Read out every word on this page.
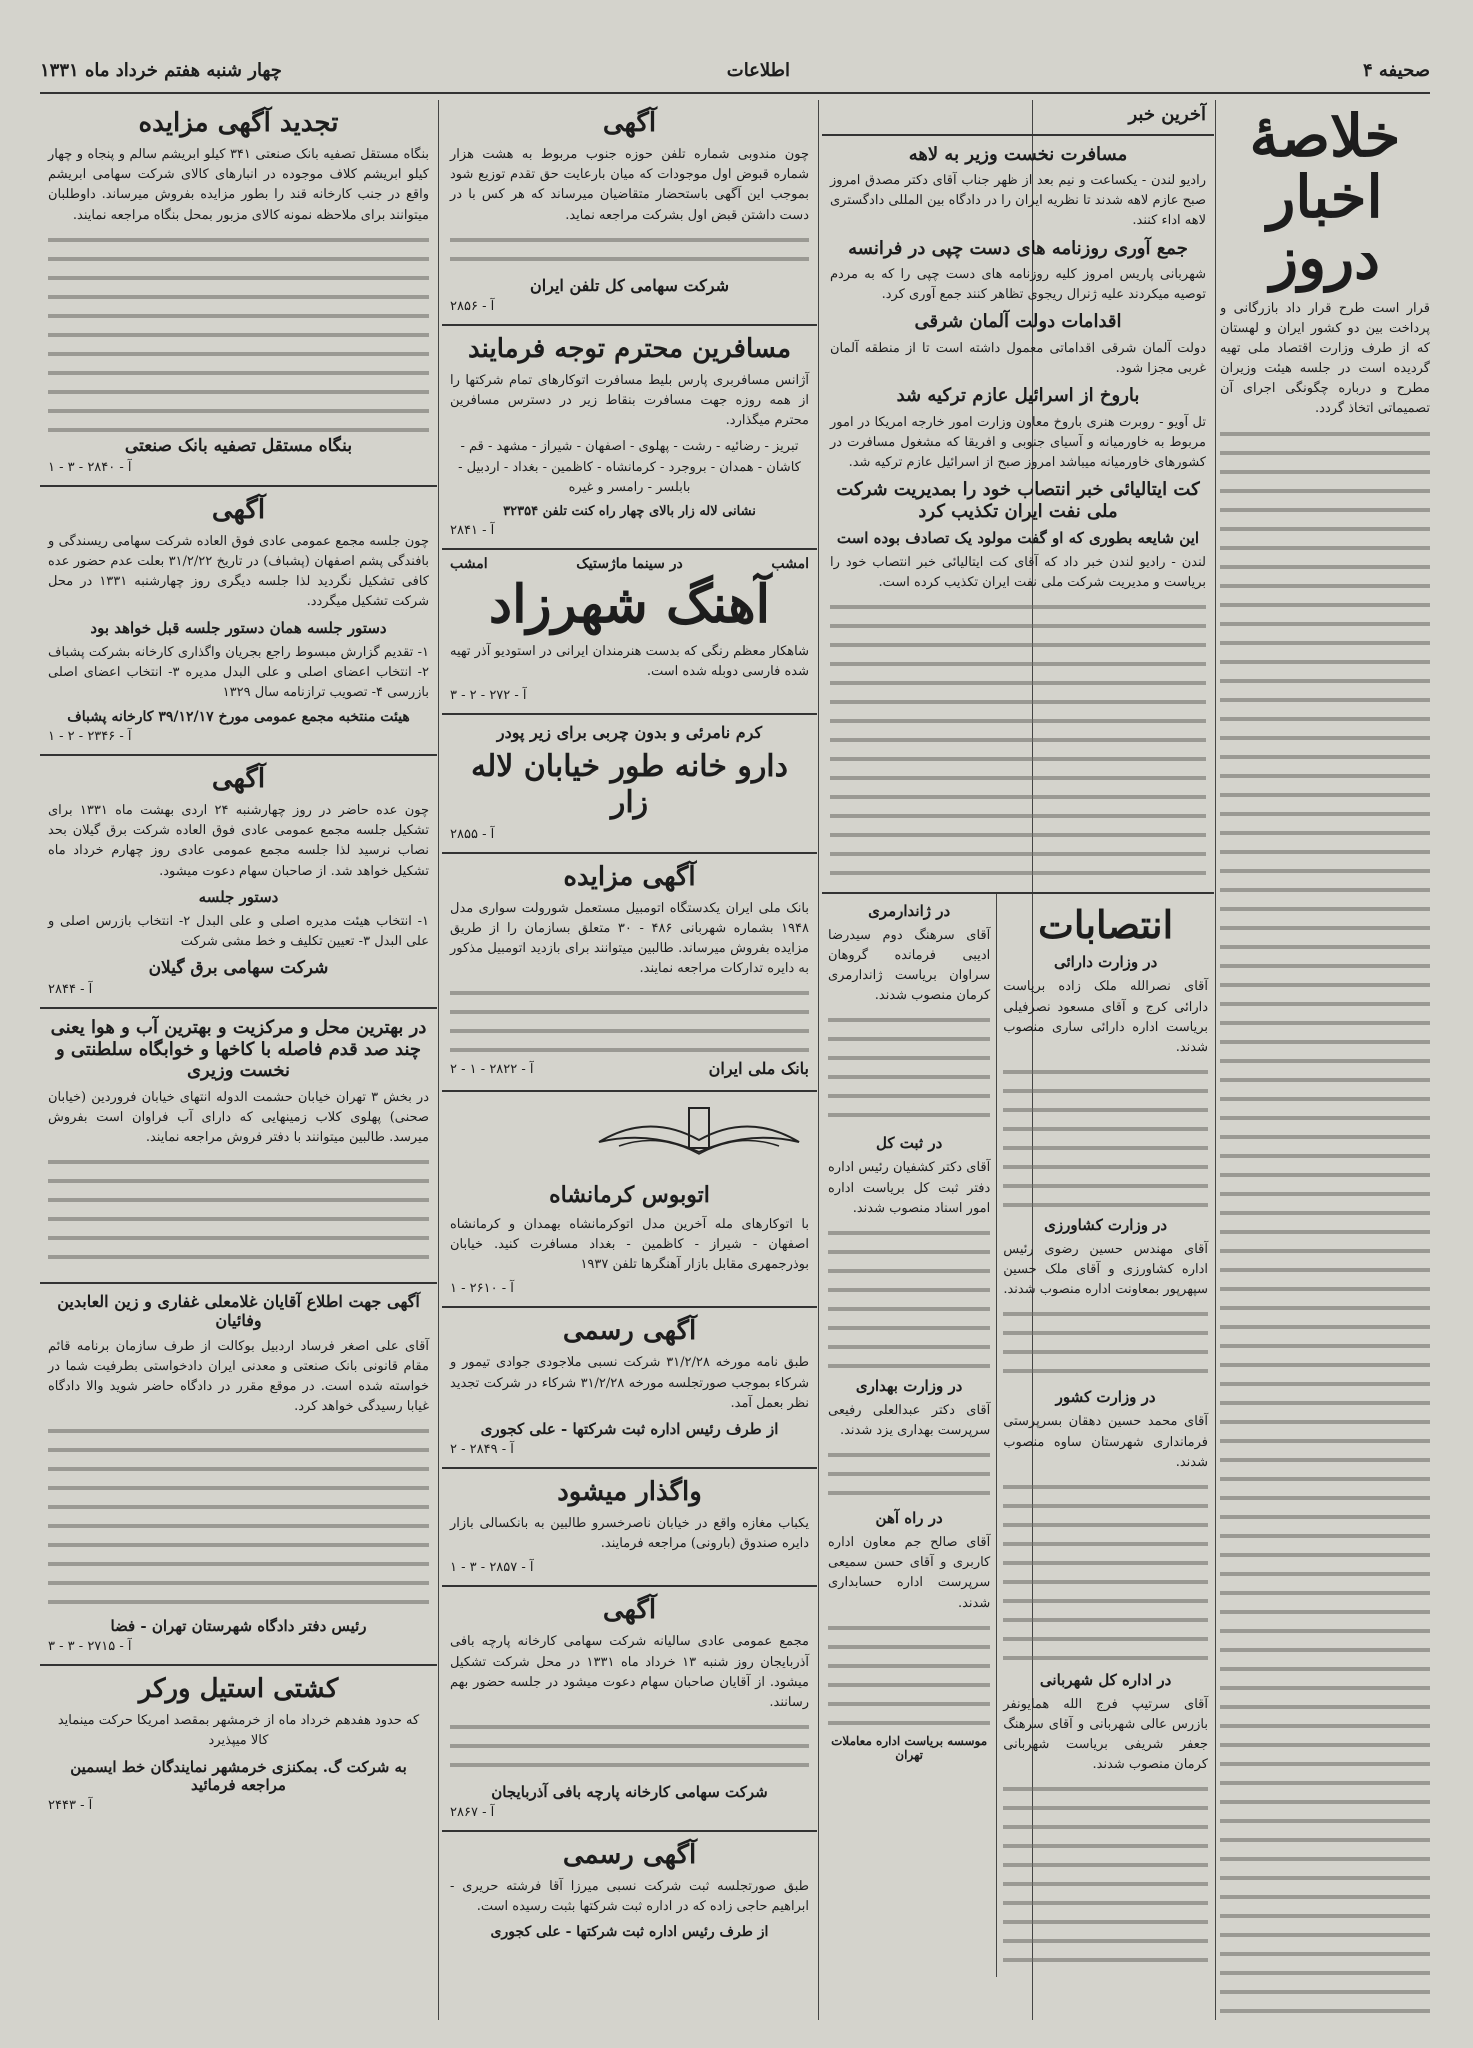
صحیفه ۴
اطلاعات
چهار شنبه هفتم خرداد ماه ۱۳۳۱
خلاصهٔ اخبار دروز

قرار است طرح قرار داد بازرگانی و پرداخت بین دو کشور ایران و لهستان که از طرف وزارت اقتصاد ملی تهیه گردیده است در جلسه هیئت وزیران مطرح و درباره چگونگی اجرای آن تصمیماتی اتخاذ گردد.

آخرین خبر
مسافرت نخست وزیر به لاهه

رادیو لندن - یکساعت و نیم بعد از ظهر جناب آقای دکتر مصدق امروز صبح عازم لاهه شدند تا نظریه ایران را در دادگاه بین المللی دادگستری لاهه اداء کنند.

جمع آوری روزنامه های دست چپی در فرانسه

شهربانی پاریس امروز کلیه روزنامه های دست چپی را که به مردم توصیه میکردند علیه ژنرال ریجوی تظاهر کنند جمع آوری کرد.

اقدامات دولت آلمان شرقی

دولت آلمان شرقی اقداماتی معمول داشته است تا از منطقه آلمان غربی مجزا شود.

باروخ از اسرائیل عازم ترکیه شد

تل آویو - روبرت هنری باروخ معاون وزارت امور خارجه امریکا در امور مربوط به خاورمیانه و آسیای جنوبی و افریقا که مشغول مسافرت در کشورهای خاورمیانه میباشد امروز صبح از اسرائیل عازم ترکیه شد.

کت ایتالیائی خبر انتصاب خود را بمدیریت شرکت ملی نفت ایران تکذیب کرد
این شایعه بطوری که او گفت مولود یک تصادف بوده است

لندن - رادیو لندن خبر داد که آقای کت ایتالیائی خبر انتصاب خود را بریاست و مدیریت شرکت ملی نفت ایران تکذیب کرده است.

انتصابات
در وزارت دارائی

آقای نصرالله ملک زاده بریاست دارائی کرج و آقای مسعود نصرفیلی بریاست اداره دارائی ساری منصوب شدند.

در وزارت کشاورزی

آقای مهندس حسین رضوی رئیس اداره کشاورزی و آقای ملک حسین سپهرپور بمعاونت اداره منصوب شدند.

در وزارت کشور

آقای محمد حسین دهقان بسرپرستی فرمانداری شهرستان ساوه منصوب شدند.

در اداره کل شهربانی

آقای سرتیپ فرج الله همایونفر بازرس عالی شهربانی و آقای سرهنگ جعفر شریفی بریاست شهربانی کرمان منصوب شدند.

در ژاندارمری

آقای سرهنگ دوم سیدرضا ادیبی فرمانده گروهان سراوان بریاست ژاندارمری کرمان منصوب شدند.

در ثبت کل

آقای دکتر کشفیان رئیس اداره دفتر ثبت کل بریاست اداره امور اسناد منصوب شدند.

در وزارت بهداری

آقای دکتر عبدالعلی رفیعی سرپرست بهداری یزد شدند.

در راه آهن

آقای صالح جم معاون اداره کاربری و آقای حسن سمیعی سرپرست اداره حسابداری شدند.

موسسه بریاست اداره معاملات تهران
آگهی

چون مندوبی شماره تلفن حوزه جنوب مربوط به هشت هزار شماره قبوض اول موجودات که میان بارعایت حق تقدم توزیع شود بموجب این آگهی باستحضار متقاضیان میرساند که هر کس با در دست داشتن قبض اول بشرکت مراجعه نماید.

شرکت سهامی کل تلفن ایران
آ - ۲۸۵۶
مسافرین محترم توجه فرمایند

آژانس مسافربری پارس بلیط مسافرت اتوکارهای تمام شرکتها را از همه روزه جهت مسافرت بنقاط زیر در دسترس مسافرین محترم میگذارد.

تبریز - رضائیه - رشت - پهلوی - اصفهان - شیراز - مشهد - قم - کاشان - همدان - بروجرد - کرمانشاه - کاظمین - بغداد - اردبیل - بابلسر - رامسر و غیره

نشانی لاله زار بالای چهار راه کنت تلفن ۳۲۳۵۴
آ - ۲۸۴۱
امشب
در سینما ماژستیک
امشب
آهنگ شهرزاد

شاهکار معظم رنگی که بدست هنرمندان ایرانی در استودیو آذر تهیه شده فارسی دوبله شده است.

آ - ۲۷۲ - ۲ - ۳
کرم نامرئی و بدون چربی برای زیر پودر
دارو خانه طور خیابان لاله زار
آ - ۲۸۵۵
آگهی مزایده

بانک ملی ایران یکدستگاه اتومبیل مستعمل شورولت سواری مدل ۱۹۴۸ بشماره شهربانی ۴۸۶ - ۳۰ متعلق بسازمان را از طریق مزایده بفروش میرساند. طالبین میتوانند برای بازدید اتومبیل مذکور به دایره تدارکات مراجعه نمایند.

بانک ملی ایران
آ - ۲۸۲۲ - ۱ - ۲
اتوبوس کرمانشاه

با اتوکارهای مله آخرین مدل اتوکرمانشاه بهمدان و کرمانشاه اصفهان - شیراز - کاظمین - بغداد مسافرت کنید. خیابان بوذرجمهری مقابل بازار آهنگرها تلفن ۱۹۳۷

آ - ۲۶۱۰ - ۱
آگهی رسمی

طبق نامه مورخه ۳۱/۲/۲۸ شرکت نسبی ملاجودی جوادی تیمور و شرکاء بموجب صورتجلسه مورخه ۳۱/۲/۲۸ شرکاء در شرکت تجدید نظر بعمل آمد.

از طرف رئیس اداره ثبت شرکتها - علی کجوری
آ - ۲۸۴۹ - ۲
واگذار میشود

یکباب مغازه واقع در خیابان ناصرخسرو طالبین به بانکسالی بازار دایره صندوق (بارونی) مراجعه فرمایند.

آ - ۲۸۵۷ - ۳ - ۱
آگهی

مجمع عمومی عادی سالیانه شرکت سهامی کارخانه پارچه بافی آذربایجان روز شنبه ۱۳ خرداد ماه ۱۳۳۱ در محل شرکت تشکیل میشود. از آقایان صاحبان سهام دعوت میشود در جلسه حضور بهم رسانند.

شرکت سهامی کارخانه پارچه بافی آذربایجان
آ - ۲۸۶۷
آگهی رسمی

طبق صورتجلسه ثبت شرکت نسبی میرزا آقا فرشته حریری - ابراهیم حاجی زاده که در اداره ثبت شرکتها بثبت رسیده است.

از طرف رئیس اداره ثبت شرکتها - علی کجوری
تجدید آگهی مزایده

بنگاه مستقل تصفیه بانک صنعتی ۳۴۱ کیلو ابریشم سالم و پنجاه و چهار کیلو ابریشم کلاف موجوده در انبارهای کالای شرکت سهامی ابریشم واقع در جنب کارخانه قند را بطور مزایده بفروش میرساند. داوطلبان میتوانند برای ملاحظه نمونه کالای مزبور بمحل بنگاه مراجعه نمایند.

بنگاه مستقل تصفیه بانک صنعتی
آ - ۲۸۴۰ - ۳ - ۱
آگهی

چون جلسه مجمع عمومی عادی فوق العاده شرکت سهامی ریسندگی و بافندگی پشم اصفهان (پشباف) در تاریخ ۳۱/۲/۲۲ بعلت عدم حضور عده کافی تشکیل نگردید لذا جلسه دیگری روز چهارشنبه ۱۳۳۱ در محل شرکت تشکیل میگردد.

دستور جلسه همان دستور جلسه قبل خواهد بود

۱- تقدیم گزارش مبسوط راجع بجریان واگذاری کارخانه بشرکت پشباف ۲- انتخاب اعضای اصلی و علی البدل مدیره ۳- انتخاب اعضای اصلی بازرسی ۴- تصویب ترازنامه سال ۱۳۲۹

هیئت منتخبه مجمع عمومی مورخ ۳۹/۱۲/۱۷ کارخانه پشباف
آ - ۲۳۴۶ - ۲ - ۱
آگهی

چون عده حاضر در روز چهارشنبه ۲۴ اردی بهشت ماه ۱۳۳۱ برای تشکیل جلسه مجمع عمومی عادی فوق العاده شرکت برق گیلان بحد نصاب نرسید لذا جلسه مجمع عمومی عادی روز چهارم خرداد ماه تشکیل خواهد شد. از صاحبان سهام دعوت میشود.

دستور جلسه

۱- انتخاب هیئت مدیره اصلی و علی البدل ۲- انتخاب بازرس اصلی و علی البدل ۳- تعیین تکلیف و خط مشی شرکت

شرکت سهامی برق گیلان
آ - ۲۸۴۴
در بهترین محل و مرکزیت و بهترین آب و هوا یعنی چند صد قدم فاصله با کاخها و خوابگاه سلطنتی و نخست وزیری

در بخش ۳ تهران خیابان حشمت الدوله انتهای خیابان فروردین (خیابان صحنی) پهلوی کلاب زمینهایی که دارای آب فراوان است بفروش میرسد. طالبین میتوانند با دفتر فروش مراجعه نمایند.

آگهی جهت اطلاع آقایان غلامعلی غفاری و زین العابدین وفائیان

آقای علی اصغر فرساد اردبیل بوکالت از طرف سازمان برنامه قائم مقام قانونی بانک صنعتی و معدنی ایران دادخواستی بطرفیت شما در خواسته شده است. در موقع مقرر در دادگاه حاضر شوید والا دادگاه غیابا رسیدگی خواهد کرد.

رئیس دفتر دادگاه شهرستان تهران - فضا
آ - ۲۷۱۵ - ۳ - ۳
کشتی استیل ورکر

که حدود هفدهم خرداد ماه از خرمشهر بمقصد امریکا حرکت مینماید کالا میپذیرد

به شرکت گ. بمکنزی خرمشهر نمایندگان خط ایسمین مراجعه فرمائید
آ - ۲۴۴۳
